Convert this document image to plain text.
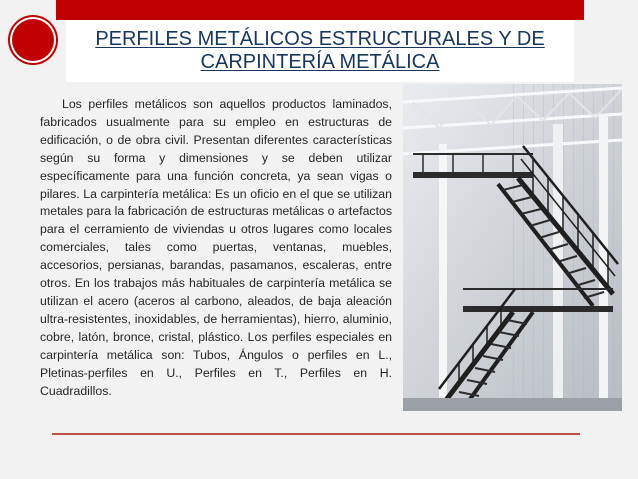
PERFILES METÁLICOS ESTRUCTURALES Y DE CARPINTERÍA METÁLICA

Los perfiles metálicos son aquellos productos laminados, fabricados usualmente para su empleo en estructuras de edificación, o de obra civil. Presentan diferentes características según su forma y dimensiones y se deben utilizar específicamente para una función concreta, ya sean vigas o pilares. La carpintería metálica: Es un oficio en el que se utilizan metales para la fabricación de estructuras metálicas o artefactos para el cerramiento de viviendas u otros lugares como locales comerciales, tales como puertas, ventanas, muebles, accesorios, persianas, barandas, pasamanos, escaleras, entre otros. En los trabajos más habituales de carpintería metálica se utilizan el acero (aceros al carbono, aleados, de baja aleación ultra-resistentes, inoxidables, de herramientas), hierro, aluminio, cobre, latón, bronce, cristal, plástico. Los perfiles especiales en carpintería metálica son: Tubos, Ángulos o perfiles en L., Pletinas-perfiles en U., Perfiles en T., Perfiles en H. Cuadradillos.
